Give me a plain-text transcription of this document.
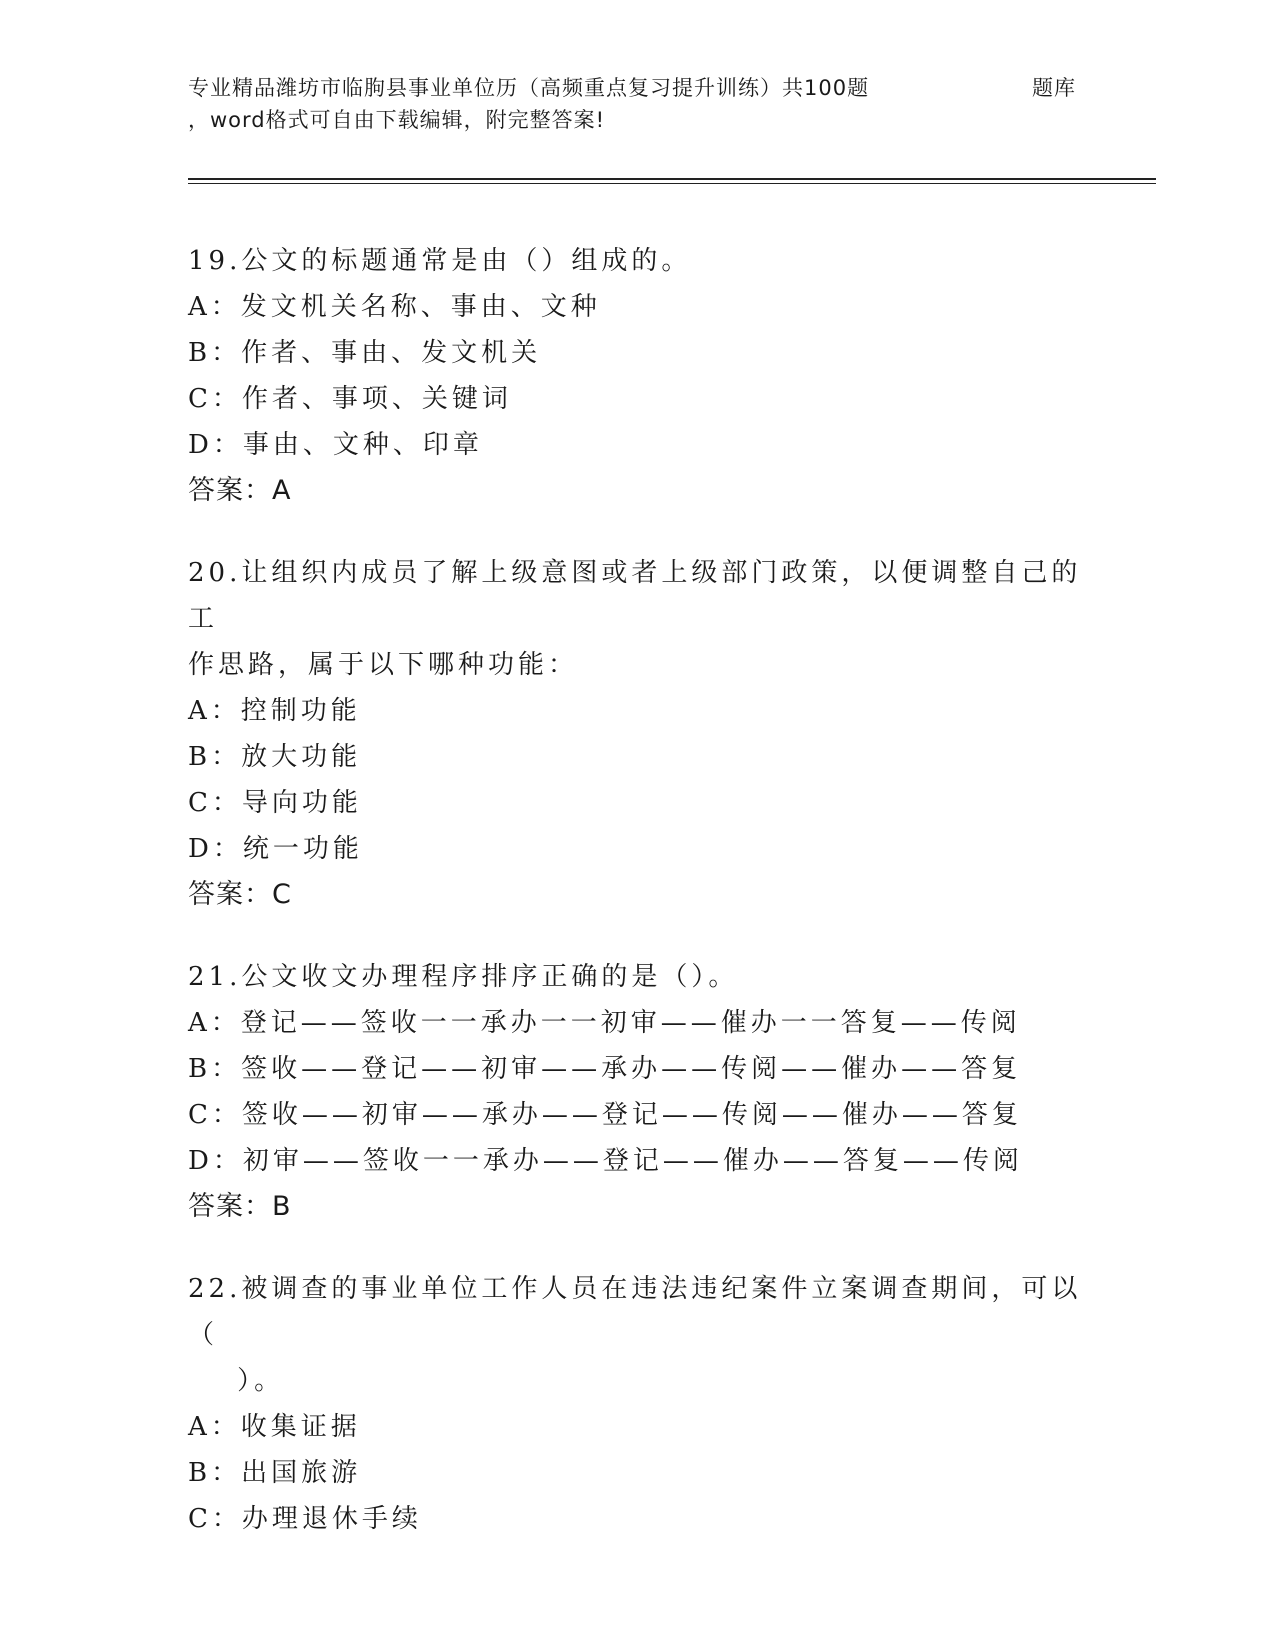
专业精品潍坊市临朐县事业单位历（高频重点复习提升训练）共100题	题库
，word格式可自由下载编辑，附完整答案!
19.公文的标题通常是由（）组成的。
A：发文机关名称、事由、文种
B：作者、事由、发文机关
C：作者、事项、关键词
D：事由、文种、印章
答案：A
20.让组织内成员了解上级意图或者上级部门政策，以便调整自己的工
作思路，属于以下哪种功能：
A：控制功能
B：放大功能
C：导向功能
D：统一功能
答案：C
21.公文收文办理程序排序正确的是（）。
A：登记——签收一一承办一一初审——催办一一答复——传阅
B：签收——登记——初审——承办——传阅——催办——答复
C：签收——初审——承办——登记——传阅——催办——答复
D：初审——签收一一承办——登记——催办——答复——传阅
答案：B
22.被调查的事业单位工作人员在违法违纪案件立案调查期间，可以（
）。
A：收集证据
B：出国旅游
C：办理退休手续
